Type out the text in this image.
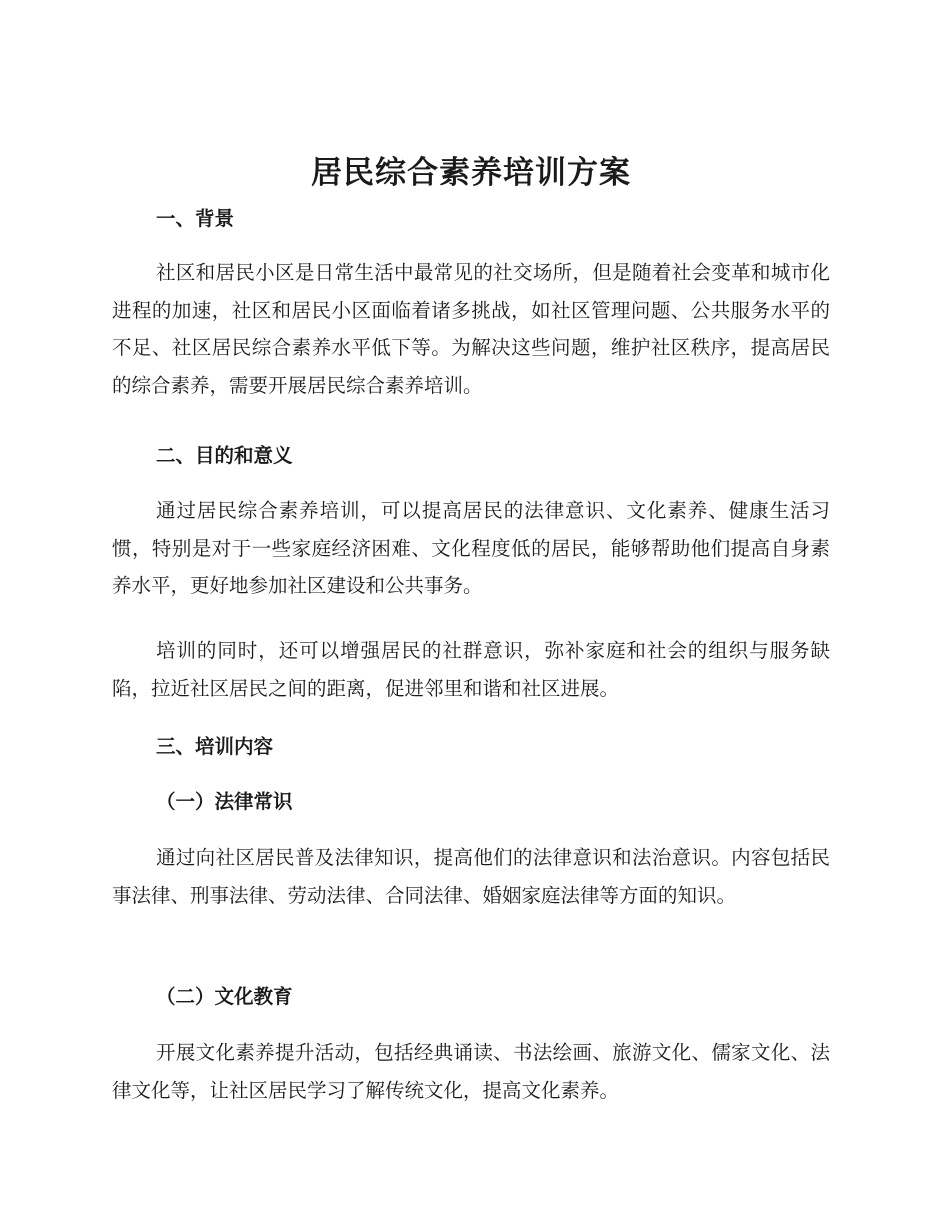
居民综合素养培训方案
一、背景

社区和居民小区是日常生活中最常见的社交场所，但是随着社会变革和城市化进程的加速，社区和居民小区面临着诸多挑战，如社区管理问题、公共服务水平的不足、社区居民综合素养水平低下等。为解决这些问题，维护社区秩序，提高居民的综合素养，需要开展居民综合素养培训。

二、目的和意义

通过居民综合素养培训，可以提高居民的法律意识、文化素养、健康生活习惯，特别是对于一些家庭经济困难、文化程度低的居民，能够帮助他们提高自身素养水平，更好地参加社区建设和公共事务。

培训的同时，还可以增强居民的社群意识，弥补家庭和社会的组织与服务缺陷，拉近社区居民之间的距离，促进邻里和谐和社区进展。

三、培训内容
（一）法律常识

通过向社区居民普及法律知识，提高他们的法律意识和法治意识。内容包括民事法律、刑事法律、劳动法律、合同法律、婚姻家庭法律等方面的知识。

（二）文化教育

开展文化素养提升活动，包括经典诵读、书法绘画、旅游文化、儒家文化、法律文化等，让社区居民学习了解传统文化，提高文化素养。
